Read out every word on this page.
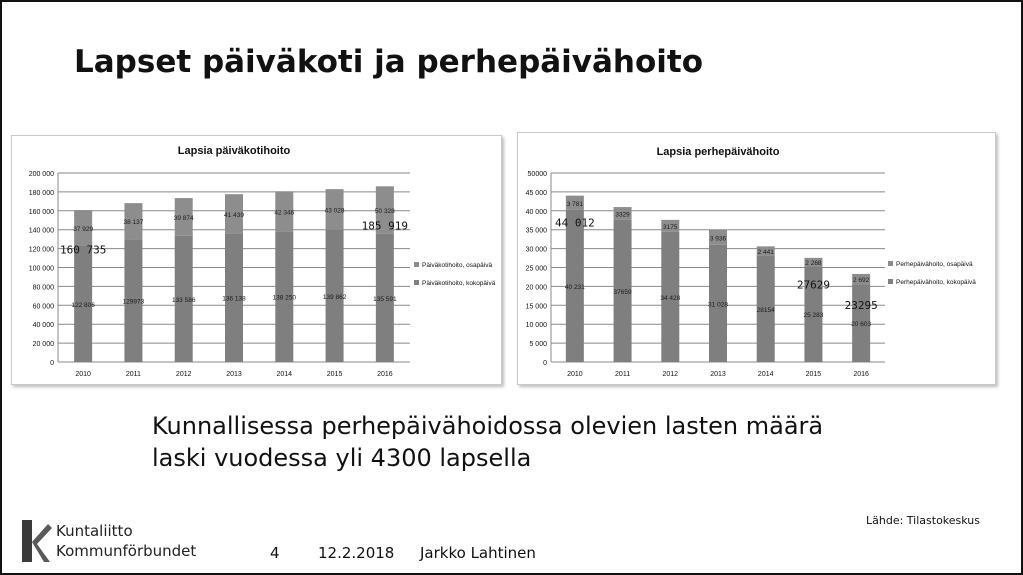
Lapset päiväkoti ja perhepäivähoito
Lapsia päiväkotihoito
0
20 000
40 000
60 000
80 000
100 000
120 000
140 000
160 000
180 000
200 000
2010
122 806
37 929
2011
129973
38 137
2012
133 586
39 874
2013
136 138
41 439
2014
138 250
42 346
2015
139 862
43 028
2016
135 591
50 328
Päiväkotihoito, osapäivä
Päiväkotihoito, kokopäivä
160 735
185 919
Lapsia perhepäivähoito
0
5 000
10 000
15 000
20 000
25 000
30 000
35 000
40 000
45 000
50000
2010
40 231
3 781
2011
37659
3329
2012
34 428
3175
2013
31 028
3 936
2014
28154
2 441
2015
25 283
2 268
2016
20 603
2 692
Perhepäivähoito, osapäivä
Perhepäivähoito, kokopäivä
44 012
27629
23295
Kunnallisessa perhepäivähoidossa olevien lasten määrä
laski vuodessa yli 4300 lapsella
Lähde: Tilastokeskus
Kuntaliitto
Kommunförbundet	4	12.2.2018 Jarkko Lahtinen
